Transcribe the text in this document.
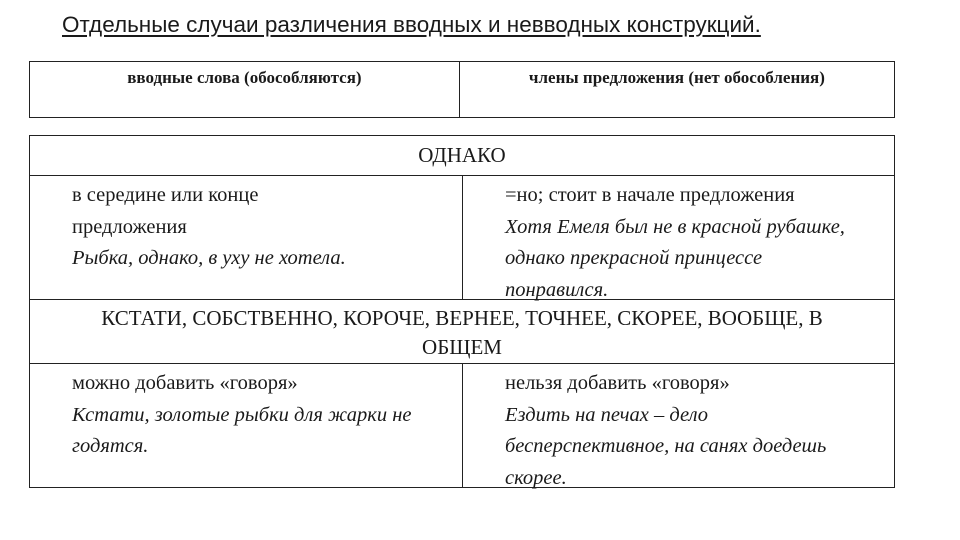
Отдельные случаи различения вводных и невводных конструкций.
вводные слова (обособляются)	члены предложения (нет обособления)
ОДНАКО
в середине или конце предложения
Рыбка, однако, в уху не хотела.
=но; стоит в начале предложения
Хотя Емеля был не в красной рубашке, однако прекрасной принцессе понравился.
КСТАТИ, СОБСТВЕННО, КОРОЧЕ, ВЕРНЕЕ, ТОЧНЕЕ, СКОРЕЕ, ВООБЩЕ, В ОБЩЕМ
можно добавить «говоря»
Кстати, золотые рыбки для жарки не годятся.
нельзя добавить «говоря»
Ездить на печах – дело бесперспективное, на санях доедешь скорее.
